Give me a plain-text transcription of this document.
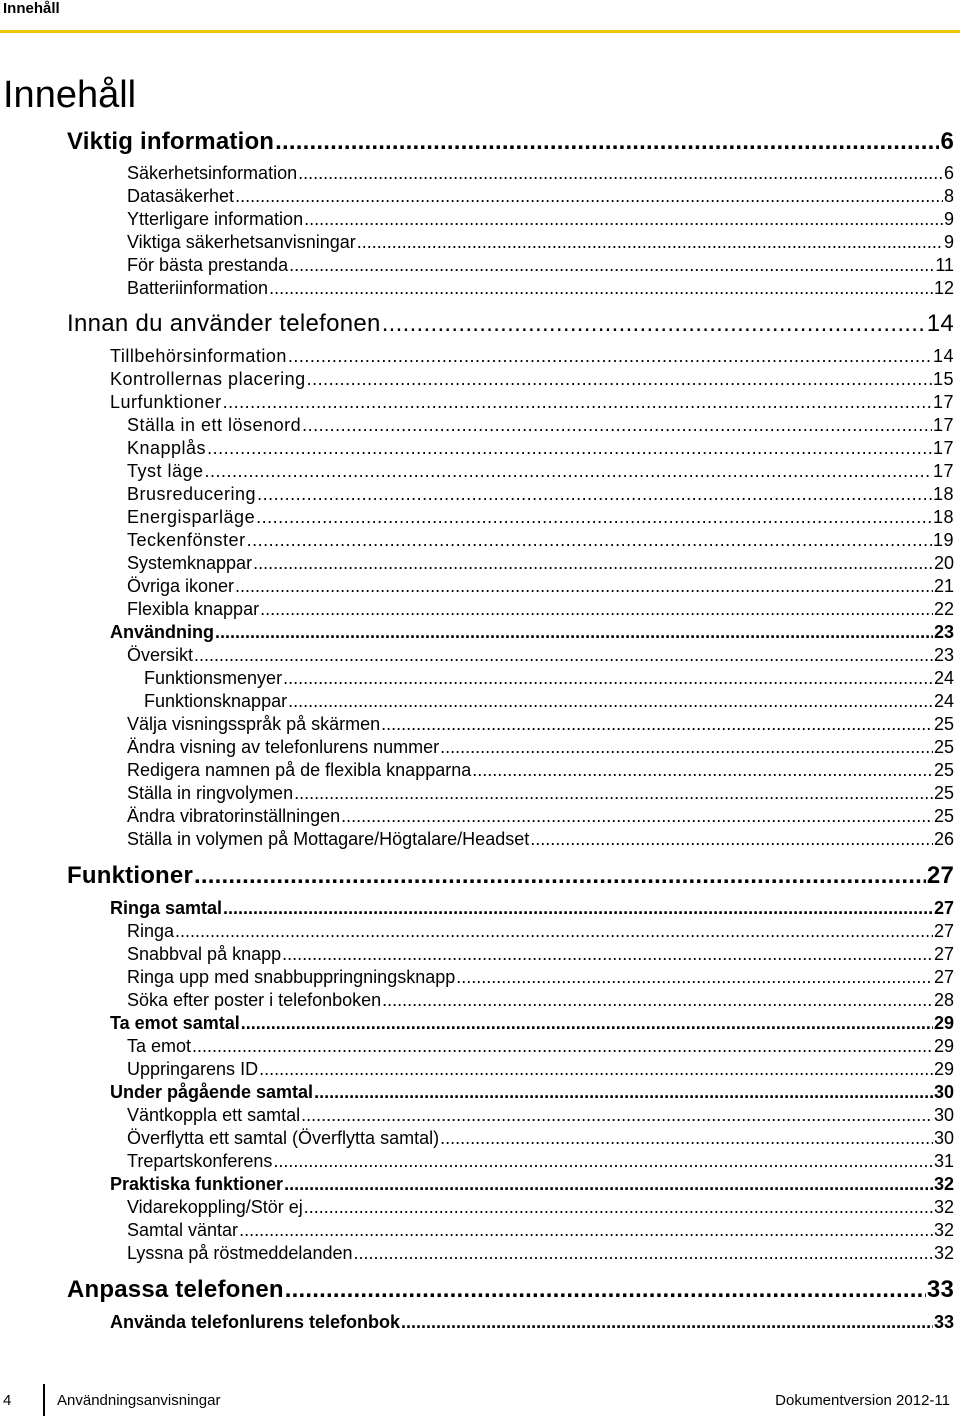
Innehåll
Innehåll
Viktig information .....	6
Säkerhetsinformation .....	6
Datasäkerhet .....	8
Ytterligare information .....	9
Viktiga säkerhetsanvisningar .....	9
För bästa prestanda .....	11
Batteriinformation .....	12
Innan du använder telefonen .....	14
Tillbehörsinformation .....	14
Kontrollernas placering .....	15
Lurfunktioner .....	17
Ställa in ett lösenord .....	17
Knapplås .....	17
Tyst läge .....	17
Brusreducering .....	18
Energisparläge .....	18
Teckenfönster .....	19
Systemknappar .....	20
Övriga ikoner .....	21
Flexibla knappar .....	22
Användning .....	23
Översikt .....	23
Funktionsmenyer .....	24
Funktionsknappar .....	24
Välja visningsspråk på skärmen .....	25
Ändra visning av telefonlurens nummer .....	25
Redigera namnen på de flexibla knapparna .....	25
Ställa in ringvolymen .....	25
Ändra vibratorinställningen .....	25
Ställa in volymen på Mottagare/Högtalare/Headset .....	26
Funktioner .....	27
Ringa samtal .....	27
Ringa .....	27
Snabbval på knapp .....	27
Ringa upp med snabbuppringningsknapp .....	27
Söka efter poster i telefonboken .....	28
Ta emot samtal .....	29
Ta emot .....	29
Uppringarens ID .....	29
Under pågående samtal .....	30
Väntkoppla ett samtal .....	30
Överflytta ett samtal (Överflytta samtal) .....	30
Trepartskonferens .....	31
Praktiska funktioner .....	32
Vidarekoppling/Stör ej .....	32
Samtal väntar .....	32
Lyssna på röstmeddelanden .....	32
Anpassa telefonen .....	33
Använda telefonlurens telefonbok .....	33
4	Användningsanvisningar	Dokumentversion 2012-11
